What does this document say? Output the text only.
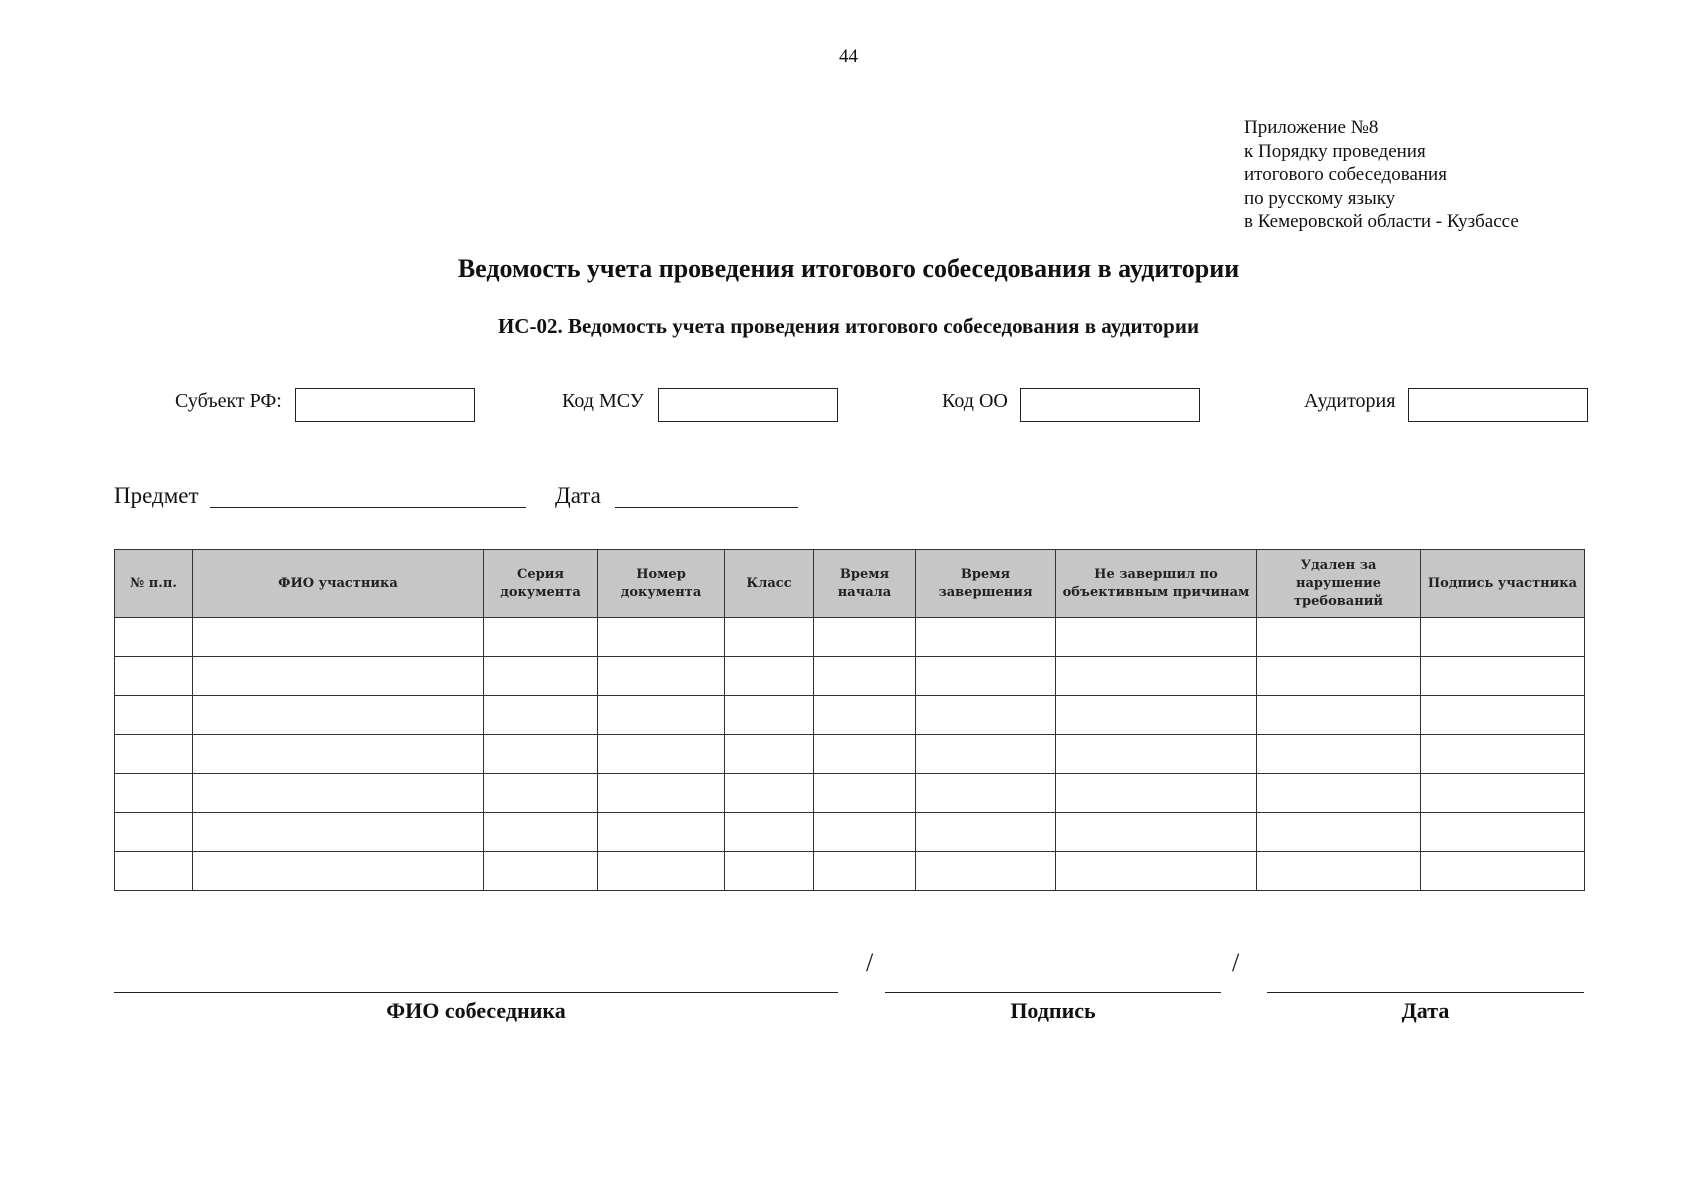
44
Приложение №8
к Порядку проведения
итогового собеседования
по русскому языку
в Кемеровской области - Кузбассе
Ведомость учета проведения итогового собеседования в аудитории
ИС-02. Ведомость учета проведения итогового собеседования в аудитории
Субъект РФ:	Код МСУ	Код ОО	Аудитория
Предмет	Дата
№ п.п.	ФИО участника	Серия документа	Номер документа	Класс	Время начала	Время завершения	Не завершил по объективным причинам	Удален за нарушение требований	Подпись участника

/	/
ФИО собеседника	Подпись	Дата
